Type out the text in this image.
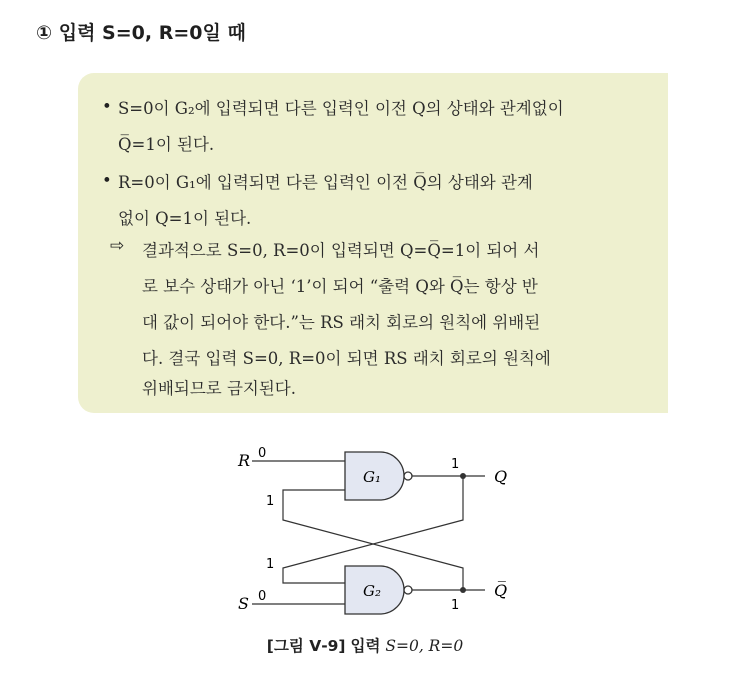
① 입력 S=0, R=0일 때
• S=0이 G₂에 입력되면 다른 입력인 이전 Q의 상태와 관계없이
Q̅=1이 된다.
• R=0이 G₁에 입력되면 다른 입력인 이전 Q̅의 상태와 관계
없이 Q=1이 된다.
⇨ 결과적으로 S=0, R=0이 입력되면 Q=Q̅=1이 되어 서
로 보수 상태가 아닌 ‘1’이 되어 “출력 Q와 Q̅는 항상 반
대 값이 되어야 한다.”는 RS 래치 회로의 원칙에 위배된
다. 결국 입력 S=0, R=0이 되면 RS 래치 회로의 원칙에
위배되므로 금지된다.
G₁
G₂
R 0
S 0
1
1
1
1
Q
Q̅
[그림 Ⅴ-9] 입력 S=0, R=0
